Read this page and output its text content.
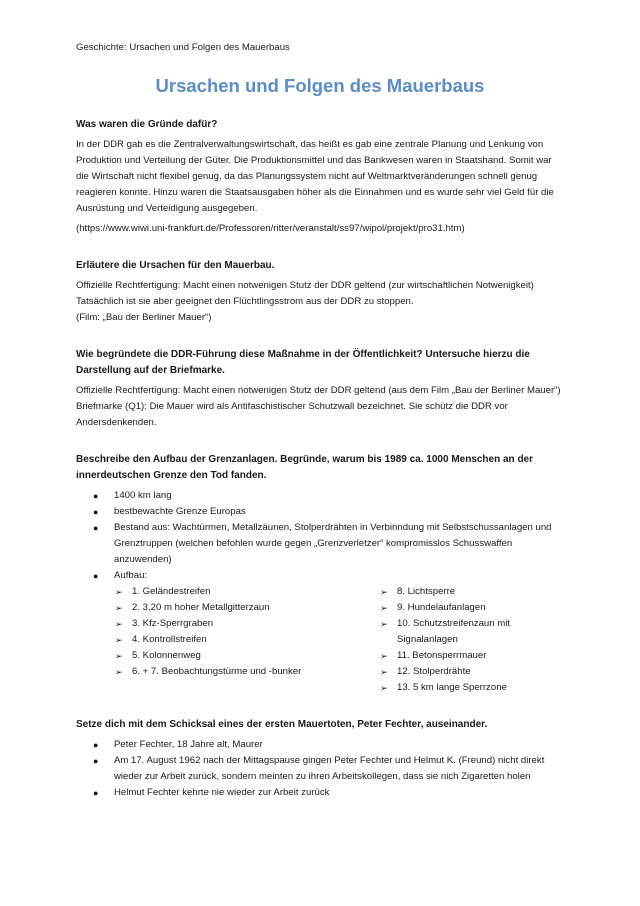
Geschichte: Ursachen und Folgen des Mauerbaus
Ursachen und Folgen des Mauerbaus

Was waren die Gründe dafür?

In der DDR gab es die Zentralverwaltungswirtschaft, das heißt es gab eine zentrale Planung und Lenkung von Produktion und Verteilung der Güter. Die Produktionsmittel und das Bankwesen waren in Staatshand. Somit war die Wirtschaft nicht flexibel genug, da das Planungssystem nicht auf Weltmarktveränderungen schnell genug reagieren konnte. Hinzu waren die Staatsausgaben höher als die Einnahmen und es wurde sehr viel Geld für die Ausrüstung und Verteidigung ausgegeben.

(https://www.wiwi.uni-frankfurt.de/Professoren/ritter/veranstalt/ss97/wipol/projekt/pro31.htm)

Erläutere die Ursachen für den Mauerbau.

Offizielle Rechtfertigung: Macht einen notwenigen Stutz der DDR geltend (zur wirtschaftlichen Notwenigkeit)

Tatsächlich ist sie aber geeignet den Flüchtlingsstrom aus der DDR zu stoppen.

(Film: „Bau der Berliner Mauer“)

Wie begründete die DDR-Führung diese Maßnahme in der Öffentlichkeit? Untersuche hierzu die Darstellung auf der Briefmarke.

Offizielle Rechtfertigung: Macht einen notwenigen Stutz der DDR geltend (aus dem Film „Bau der Berliner Mauer“)

Briefmarke (Q1): Die Mauer wird als Antifaschistischer Schutzwall bezeichnet. Sie schütz die DDR vor Andersdenkenden.

Beschreibe den Aufbau der Grenzanlagen. Begründe, warum bis 1989 ca. 1000 Menschen an der innerdeutschen Grenze den Tod fanden.

● 1400 km lang
● bestbewachte Grenze Europas
● Bestand aus: Wachtürmen, Metallzäunen, Stolperdrähten in Verbinndung mit Selbstschussanlagen und Grenztruppen (welchen befohlen wurde gegen „Grenzverletzer“ kompromisslos Schusswaffen anzuwenden)
● Aufbau:
➢ 1. Geländestreifen
➢ 2. 3,20 m hoher Metallgitterzaun
➢ 3. Kfz-Sperrgraben
➢ 4. Kontrollstreifen
➢ 5. Kolonnenweg
➢ 6. + 7. Beobachtungstürme und -bunker
➢ 8. Lichtsperre
➢ 9. Hundelaufanlagen
➢ 10. Schutzstreifenzaun mit Signalanlagen
➢ 11. Betonsperrmauer
➢ 12. Stolperdrähte
➢ 13. 5 km lange Sperrzone

Setze dich mit dem Schicksal eines der ersten Mauertoten, Peter Fechter, auseinander.

● Peter Fechter, 18 Jahre alt, Maurer
● Am 17. August 1962 nach der Mittagspause gingen Peter Fechter und Helmut K. (Freund) nicht direkt wieder zur Arbeit zurück, sondern meinten zu ihren Arbeitskollegen, dass sie nich Zigaretten holen
● Helmut Fechter kehrte nie wieder zur Arbeit zurück
